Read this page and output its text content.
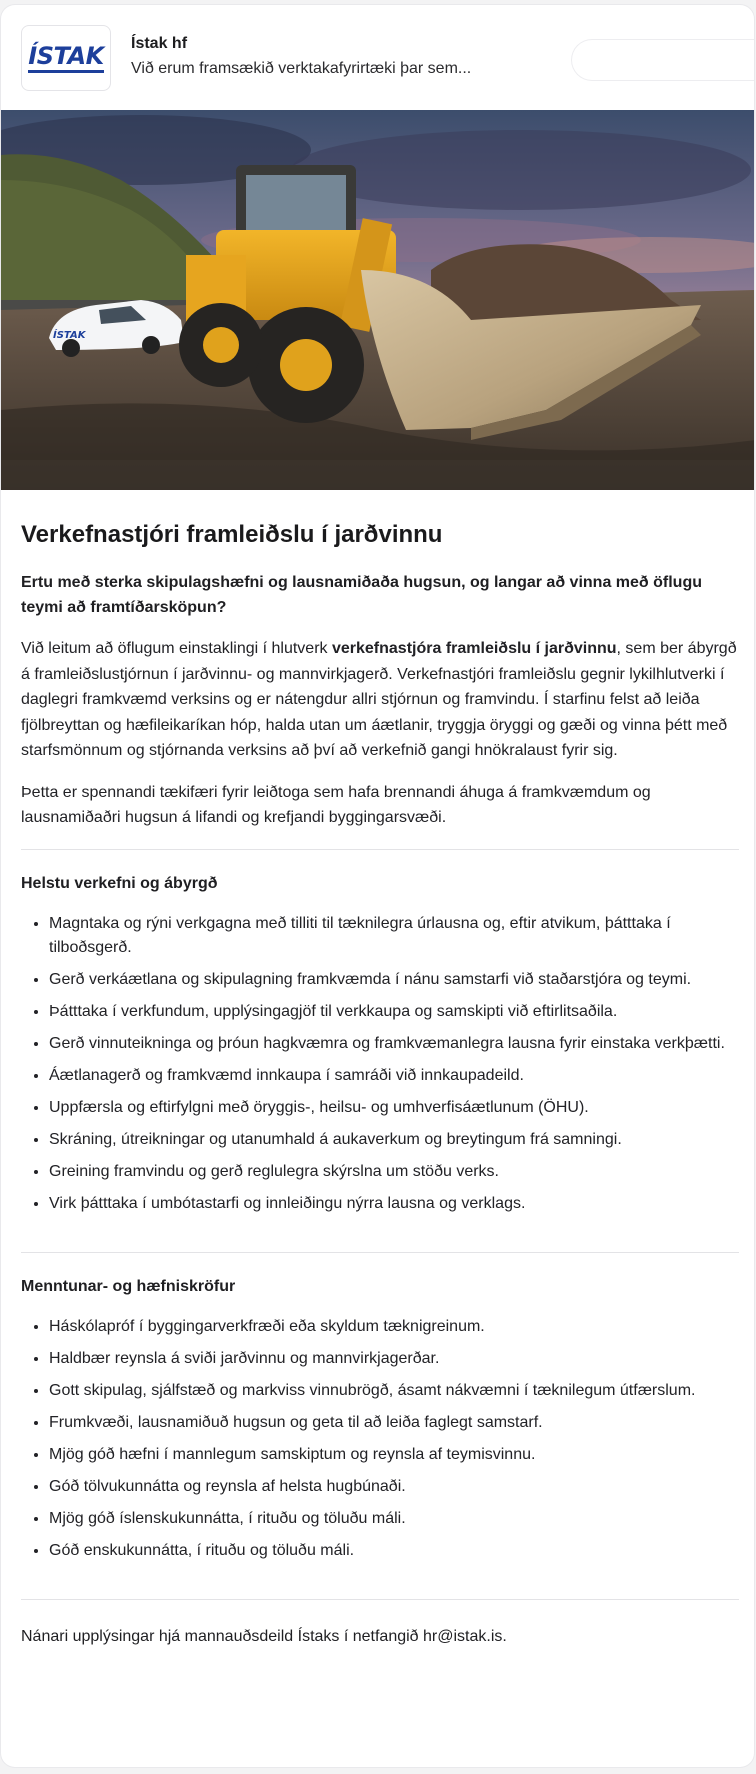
ÍSTAK Ístak hf
Við erum framsækið verktakafyrirtæki þar sem...
ÍSTAK
Verkefnastjóri framleiðslu í jarðvinnu

Ertu með sterka skipulagshæfni og lausnamiðaða hugsun, og langar að vinna með öflugu teymi að framtíðarsköpun?

Við leitum að öflugum einstaklingi í hlutverk verkefnastjóra framleiðslu í jarðvinnu, sem ber ábyrgð á framleiðslustjórnun í jarðvinnu- og mannvirkjagerð. Verkefnastjóri framleiðslu gegnir lykilhlutverki í daglegri framkvæmd verksins og er nátengdur allri stjórnun og framvindu. Í starfinu felst að leiða fjölbreyttan og hæfileikaríkan hóp, halda utan um áætlanir, tryggja öryggi og gæði og vinna þétt með starfsmönnum og stjórnanda verksins að því að verkefnið gangi hnökralaust fyrir sig.

Þetta er spennandi tækifæri fyrir leiðtoga sem hafa brennandi áhuga á framkvæmdum og lausnamiðaðri hugsun á lifandi og krefjandi byggingarsvæði.

Helstu verkefni og ábyrgð
• Magntaka og rýni verkgagna með tilliti til tæknilegra úrlausna og, eftir atvikum, þátttaka í tilboðsgerð.
• Gerð verkáætlana og skipulagning framkvæmda í nánu samstarfi við staðarstjóra og teymi.
• Þátttaka í verkfundum, upplýsingagjöf til verkkaupa og samskipti við eftirlitsaðila.
• Gerð vinnuteikninga og þróun hagkvæmra og framkvæmanlegra lausna fyrir einstaka verkþætti.
• Áætlanagerð og framkvæmd innkaupa í samráði við innkaupadeild.
• Uppfærsla og eftirfylgni með öryggis-, heilsu- og umhverfisáætlunum (ÖHU).
• Skráning, útreikningar og utanumhald á aukaverkum og breytingum frá samningi.
• Greining framvindu og gerð reglulegra skýrslna um stöðu verks.
• Virk þátttaka í umbótastarfi og innleiðingu nýrra lausna og verklags.
Menntunar- og hæfniskröfur
• Háskólapróf í byggingarverkfræði eða skyldum tæknigreinum.
• Haldbær reynsla á sviði jarðvinnu og mannvirkjagerðar.
• Gott skipulag, sjálfstæð og markviss vinnubrögð, ásamt nákvæmni í tæknilegum útfærslum.
• Frumkvæði, lausnamiðuð hugsun og geta til að leiða faglegt samstarf.
• Mjög góð hæfni í mannlegum samskiptum og reynsla af teymisvinnu.
• Góð tölvukunnátta og reynsla af helsta hugbúnaði.
• Mjög góð íslenskukunnátta, í rituðu og töluðu máli.
• Góð enskukunnátta, í rituðu og töluðu máli.

Nánari upplýsingar hjá mannauðsdeild Ístaks í netfangið hr@istak.is.
